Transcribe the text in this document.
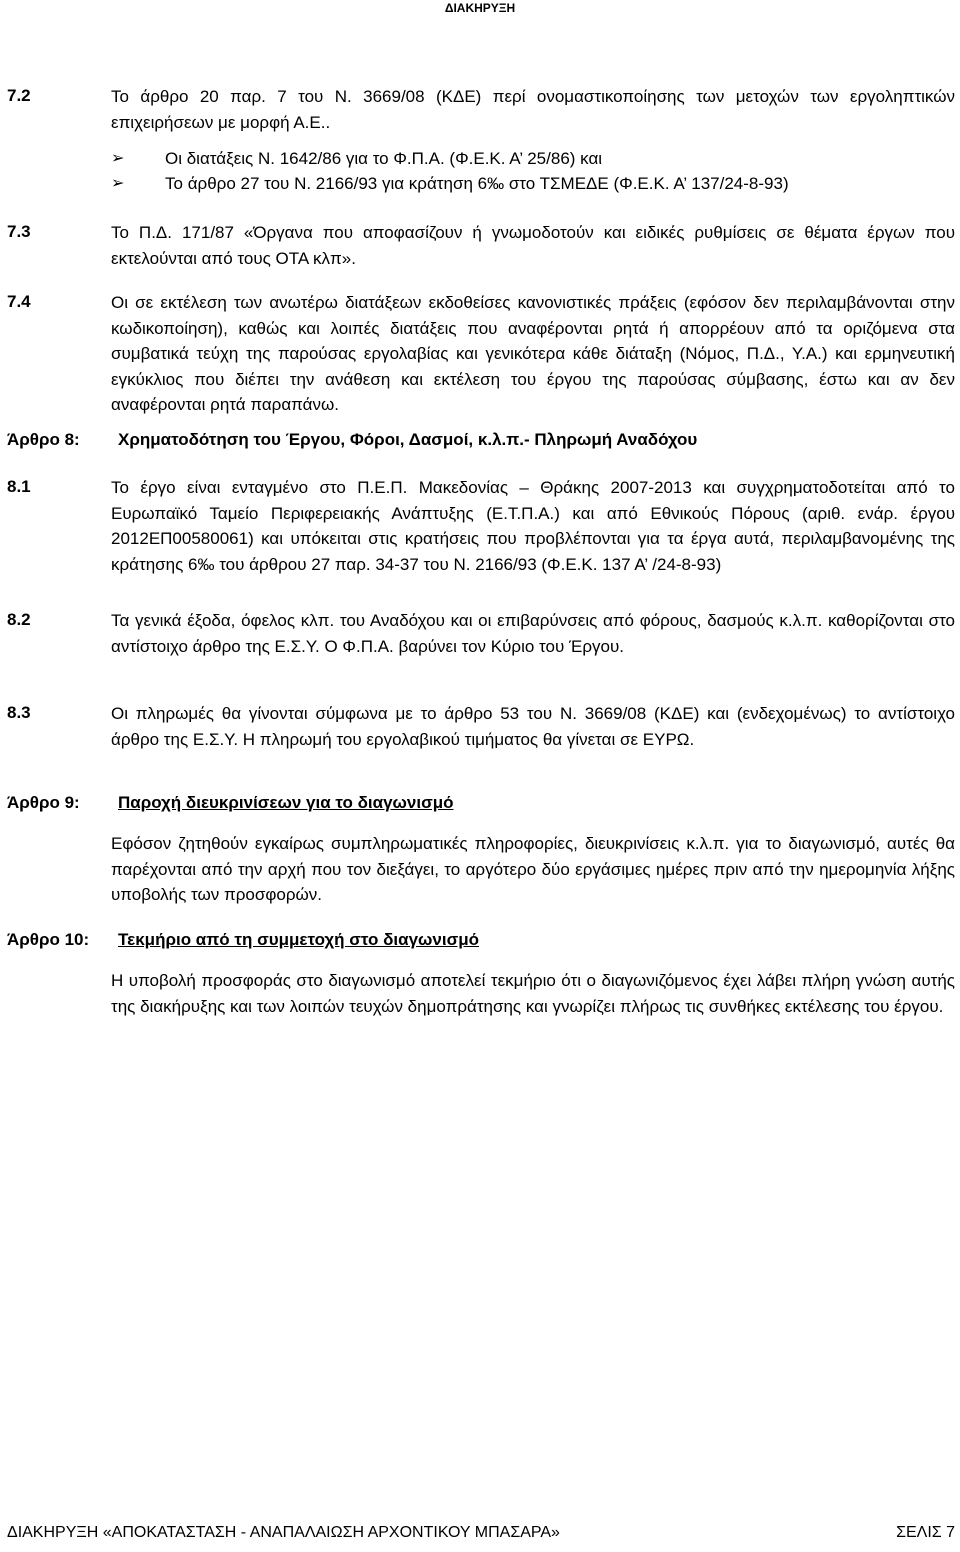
ΔΙΑΚΗΡΥΞΗ
7.2	Το άρθρο 20 παρ. 7 του Ν. 3669/08 (ΚΔΕ) περί ονομαστικοποίησης των μετοχών των εργοληπτικών επιχειρήσεων με μορφή Α.Ε..
➢ Οι διατάξεις Ν. 1642/86 για το Φ.Π.Α. (Φ.Ε.Κ. Α’ 25/86) και
➢ Το άρθρο 27 του Ν. 2166/93 για κράτηση 6‰ στο ΤΣΜΕΔΕ (Φ.Ε.Κ. Α’ 137/24-8-93)
7.3	Το Π.Δ. 171/87 «Όργανα που αποφασίζουν ή γνωμοδοτούν και ειδικές ρυθμίσεις σε θέματα έργων που εκτελούνται από τους ΟΤΑ κλπ».
7.4	Οι σε εκτέλεση των ανωτέρω διατάξεων εκδοθείσες κανονιστικές πράξεις (εφόσον δεν περιλαμβάνονται στην κωδικοποίηση), καθώς και λοιπές διατάξεις που αναφέρονται ρητά ή απορρέουν από τα οριζόμενα στα συμβατικά τεύχη της παρούσας εργολαβίας και γενικότερα κάθε διάταξη (Νόμος, Π.Δ., Υ.Α.) και ερμηνευτική εγκύκλιος που διέπει την ανάθεση και εκτέλεση του έργου της παρούσας σύμβασης, έστω και αν δεν αναφέρονται ρητά παραπάνω.
Άρθρο 8: Χρηματοδότηση του Έργου, Φόροι, Δασμοί, κ.λ.π.- Πληρωμή Αναδόχου
8.1	Το έργο είναι ενταγμένο στο Π.Ε.Π. Μακεδονίας – Θράκης 2007-2013 και συγχρηματοδοτείται από το Ευρωπαϊκό Ταμείο Περιφερειακής Ανάπτυξης (Ε.Τ.Π.Α.) και από Εθνικούς Πόρους (αριθ. ενάρ. έργου 2012ΕΠ00580061) και υπόκειται στις κρατήσεις που προβλέπονται για τα έργα αυτά, περιλαμβανομένης της κράτησης 6‰ του άρθρου 27 παρ. 34-37 του Ν. 2166/93 (Φ.Ε.Κ. 137 Α’ /24-8-93)
8.2	Τα γενικά έξοδα, όφελος κλπ. του Αναδόχου και οι επιβαρύνσεις από φόρους, δασμούς κ.λ.π. καθορίζονται στο αντίστοιχο άρθρο της Ε.Σ.Υ. Ο Φ.Π.Α. βαρύνει τον Κύριο του Έργου.
8.3	Οι πληρωμές θα γίνονται σύμφωνα με το άρθρο 53 του Ν. 3669/08 (ΚΔΕ) και (ενδεχομένως) το αντίστοιχο άρθρο της Ε.Σ.Υ. Η πληρωμή του εργολαβικού τιμήματος θα γίνεται σε ΕΥΡΩ.
Άρθρο 9: Παροχή διευκρινίσεων για το διαγωνισμό
Εφόσον ζητηθούν εγκαίρως συμπληρωματικές πληροφορίες, διευκρινίσεις κ.λ.π. για το διαγωνισμό, αυτές θα παρέχονται από την αρχή που τον διεξάγει, το αργότερο δύο εργάσιμες ημέρες πριν από την ημερομηνία λήξης υποβολής των προσφορών.
Άρθρο 10: Τεκμήριο από τη συμμετοχή στο διαγωνισμό
Η υποβολή προσφοράς στο διαγωνισμό αποτελεί τεκμήριο ότι ο διαγωνιζόμενος έχει λάβει πλήρη γνώση αυτής της διακήρυξης και των λοιπών τευχών δημοπράτησης και γνωρίζει πλήρως τις συνθήκες εκτέλεσης του έργου.
ΔΙΑΚΗΡΥΞΗ «ΑΠΟΚΑΤΑΣΤΑΣΗ - ΑΝΑΠΑΛΑΙΩΣΗ ΑΡΧΟΝΤΙΚΟΥ ΜΠΑΣΑΡΑ»	ΣΕΛΙΣ 7
